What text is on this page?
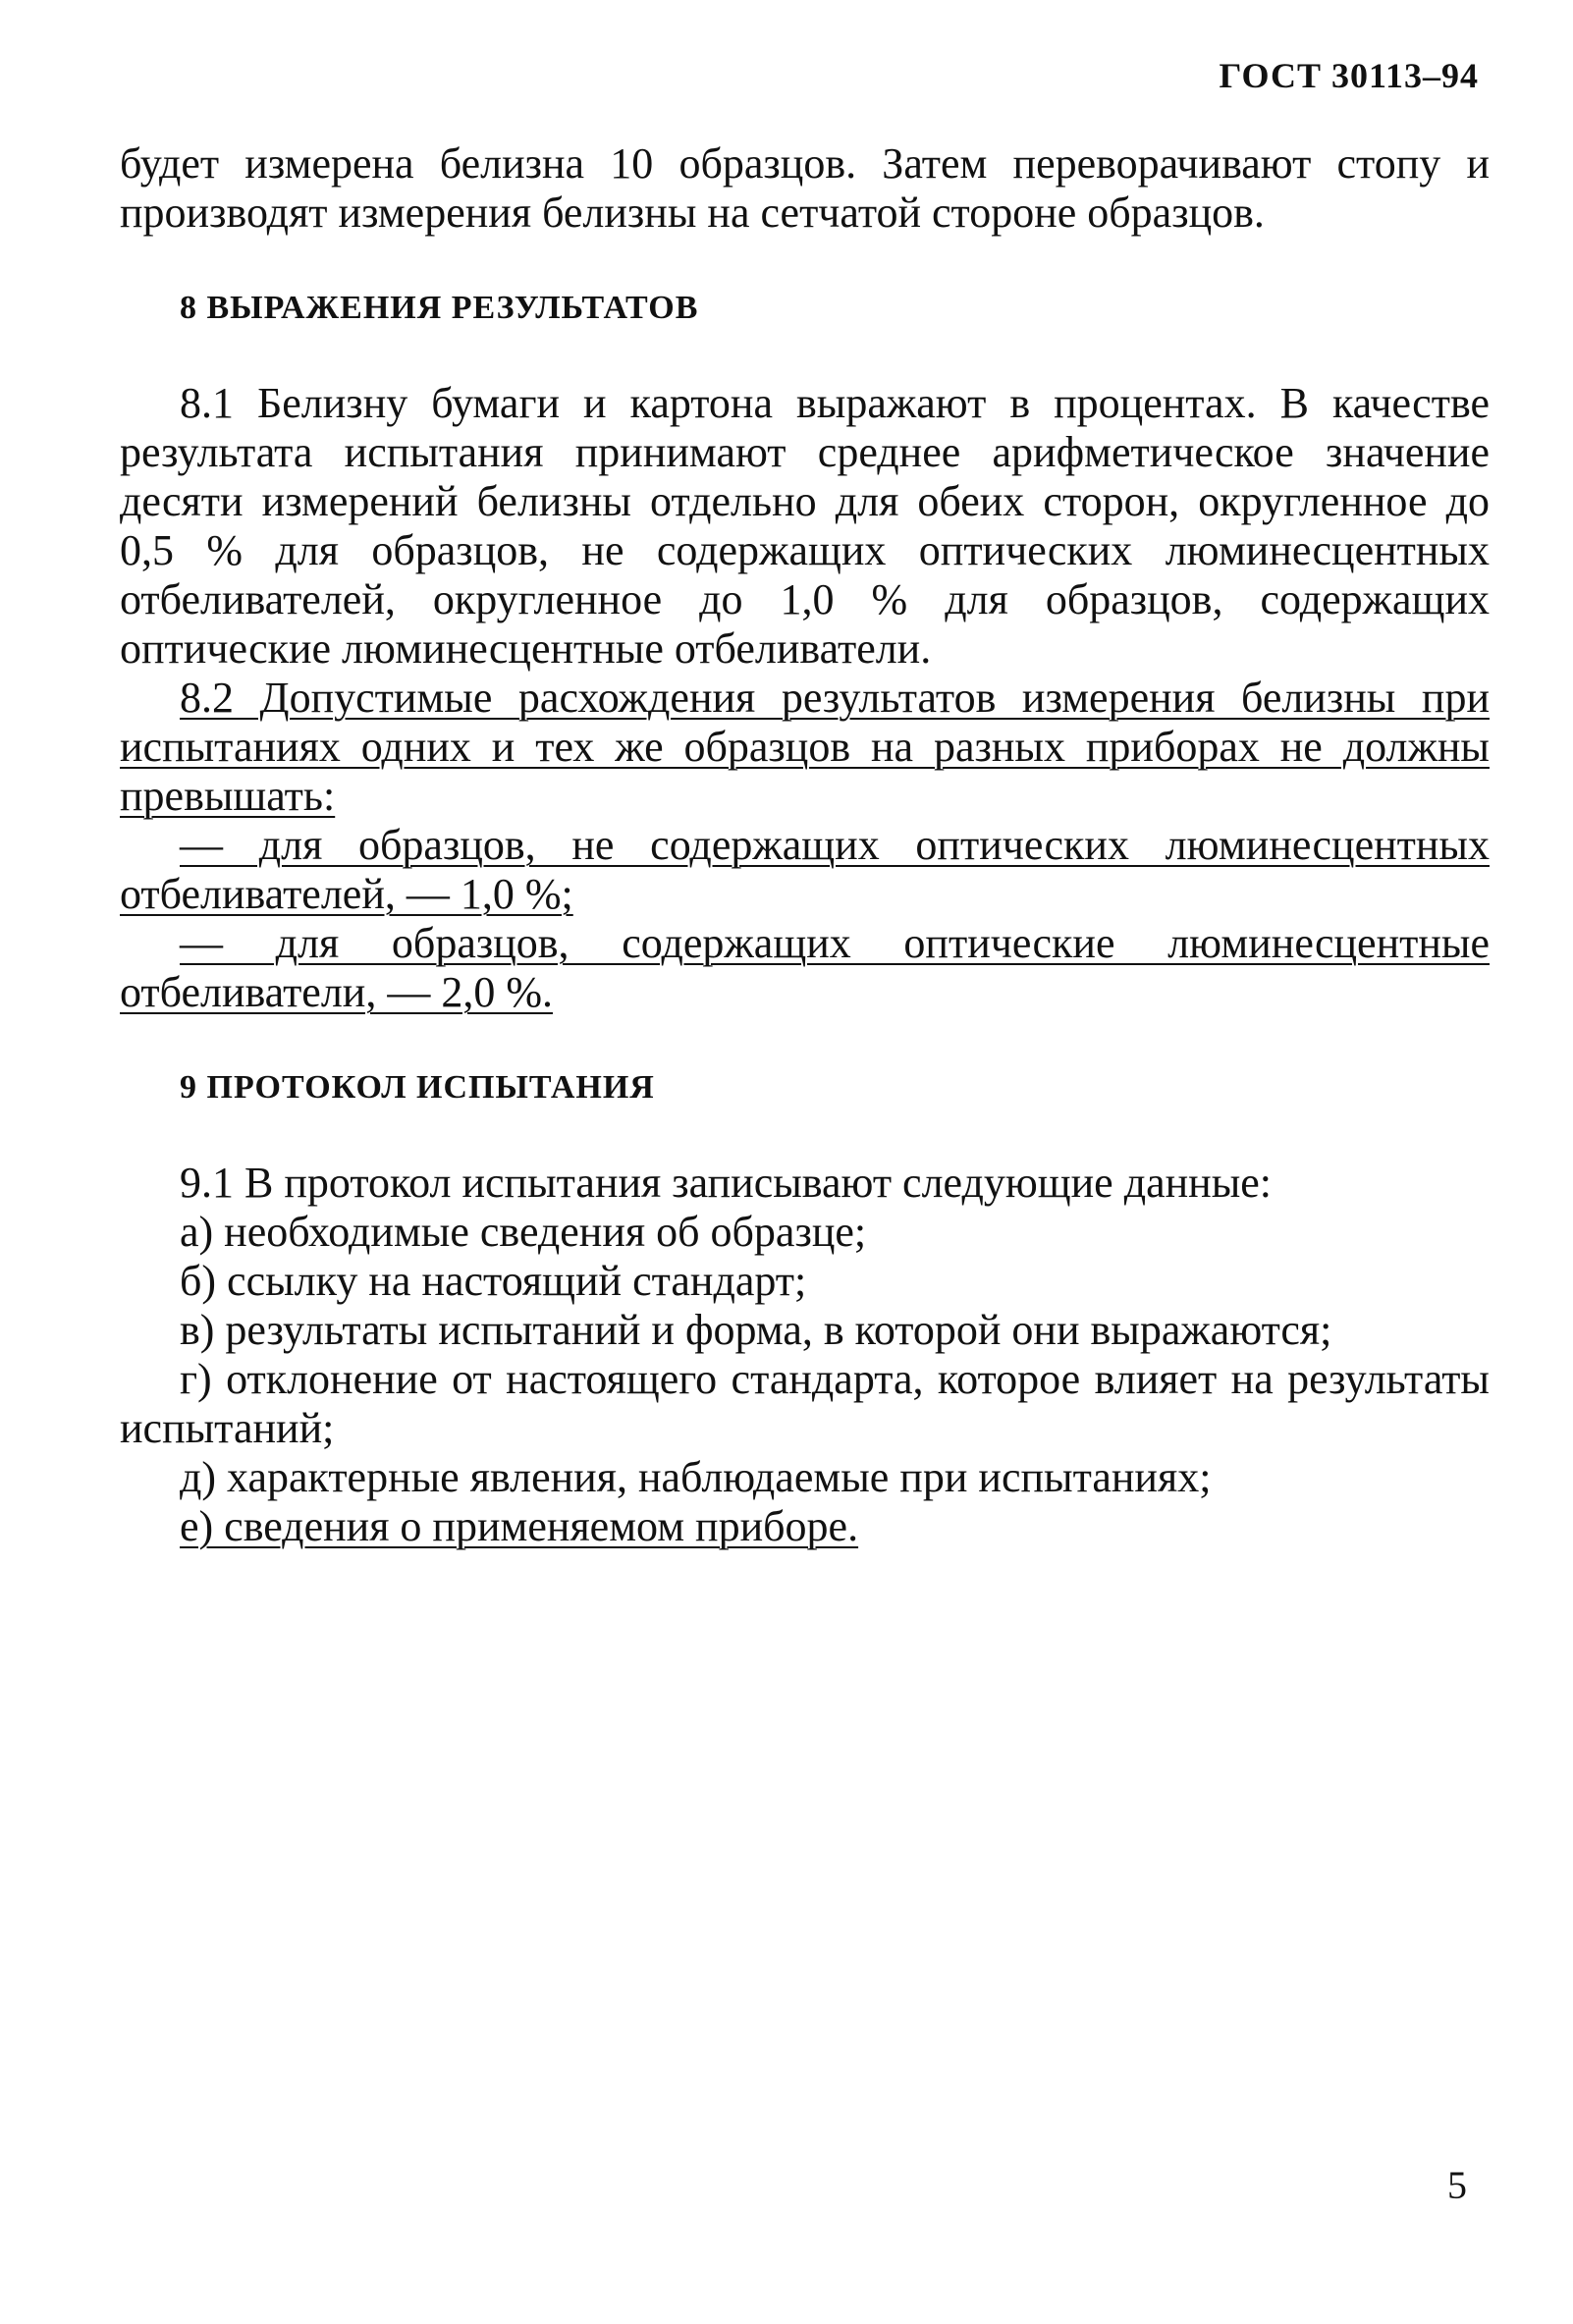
ГОСТ 30113–94

будет измерена белизна 10 образцов. Затем переворачивают стопу и производят измерения белизны на сетчатой стороне образцов.

8 ВЫРАЖЕНИЯ РЕЗУЛЬТАТОВ

8.1 Белизну бумаги и картона выражают в процентах. В качестве результата испытания принимают среднее арифметическое значение десяти измерений белизны отдельно для обеих сторон, округленное до 0,5 % для образцов, не содержащих оптических люминесцентных отбеливателей, округленное до 1,0 % для образцов, содержащих оптические люминесцентные отбеливатели.

8.2 Допустимые расхождения результатов измерения белизны при испытаниях одних и тех же образцов на разных приборах не должны превышать:

— для образцов, не содержащих оптических люминесцентных отбеливателей, — 1,0 %;

— для образцов, содержащих оптические люминесцентные отбеливатели, — 2,0 %.

9 ПРОТОКОЛ ИСПЫТАНИЯ

9.1 В протокол испытания записывают следующие данные:

а) необходимые сведения об образце;

б) ссылку на настоящий стандарт;

в) результаты испытаний и форма, в которой они выражаются;

г) отклонение от настоящего стандарта, которое влияет на результаты испытаний;

д) характерные явления, наблюдаемые при испытаниях;

е) сведения о применяемом приборе.

5
